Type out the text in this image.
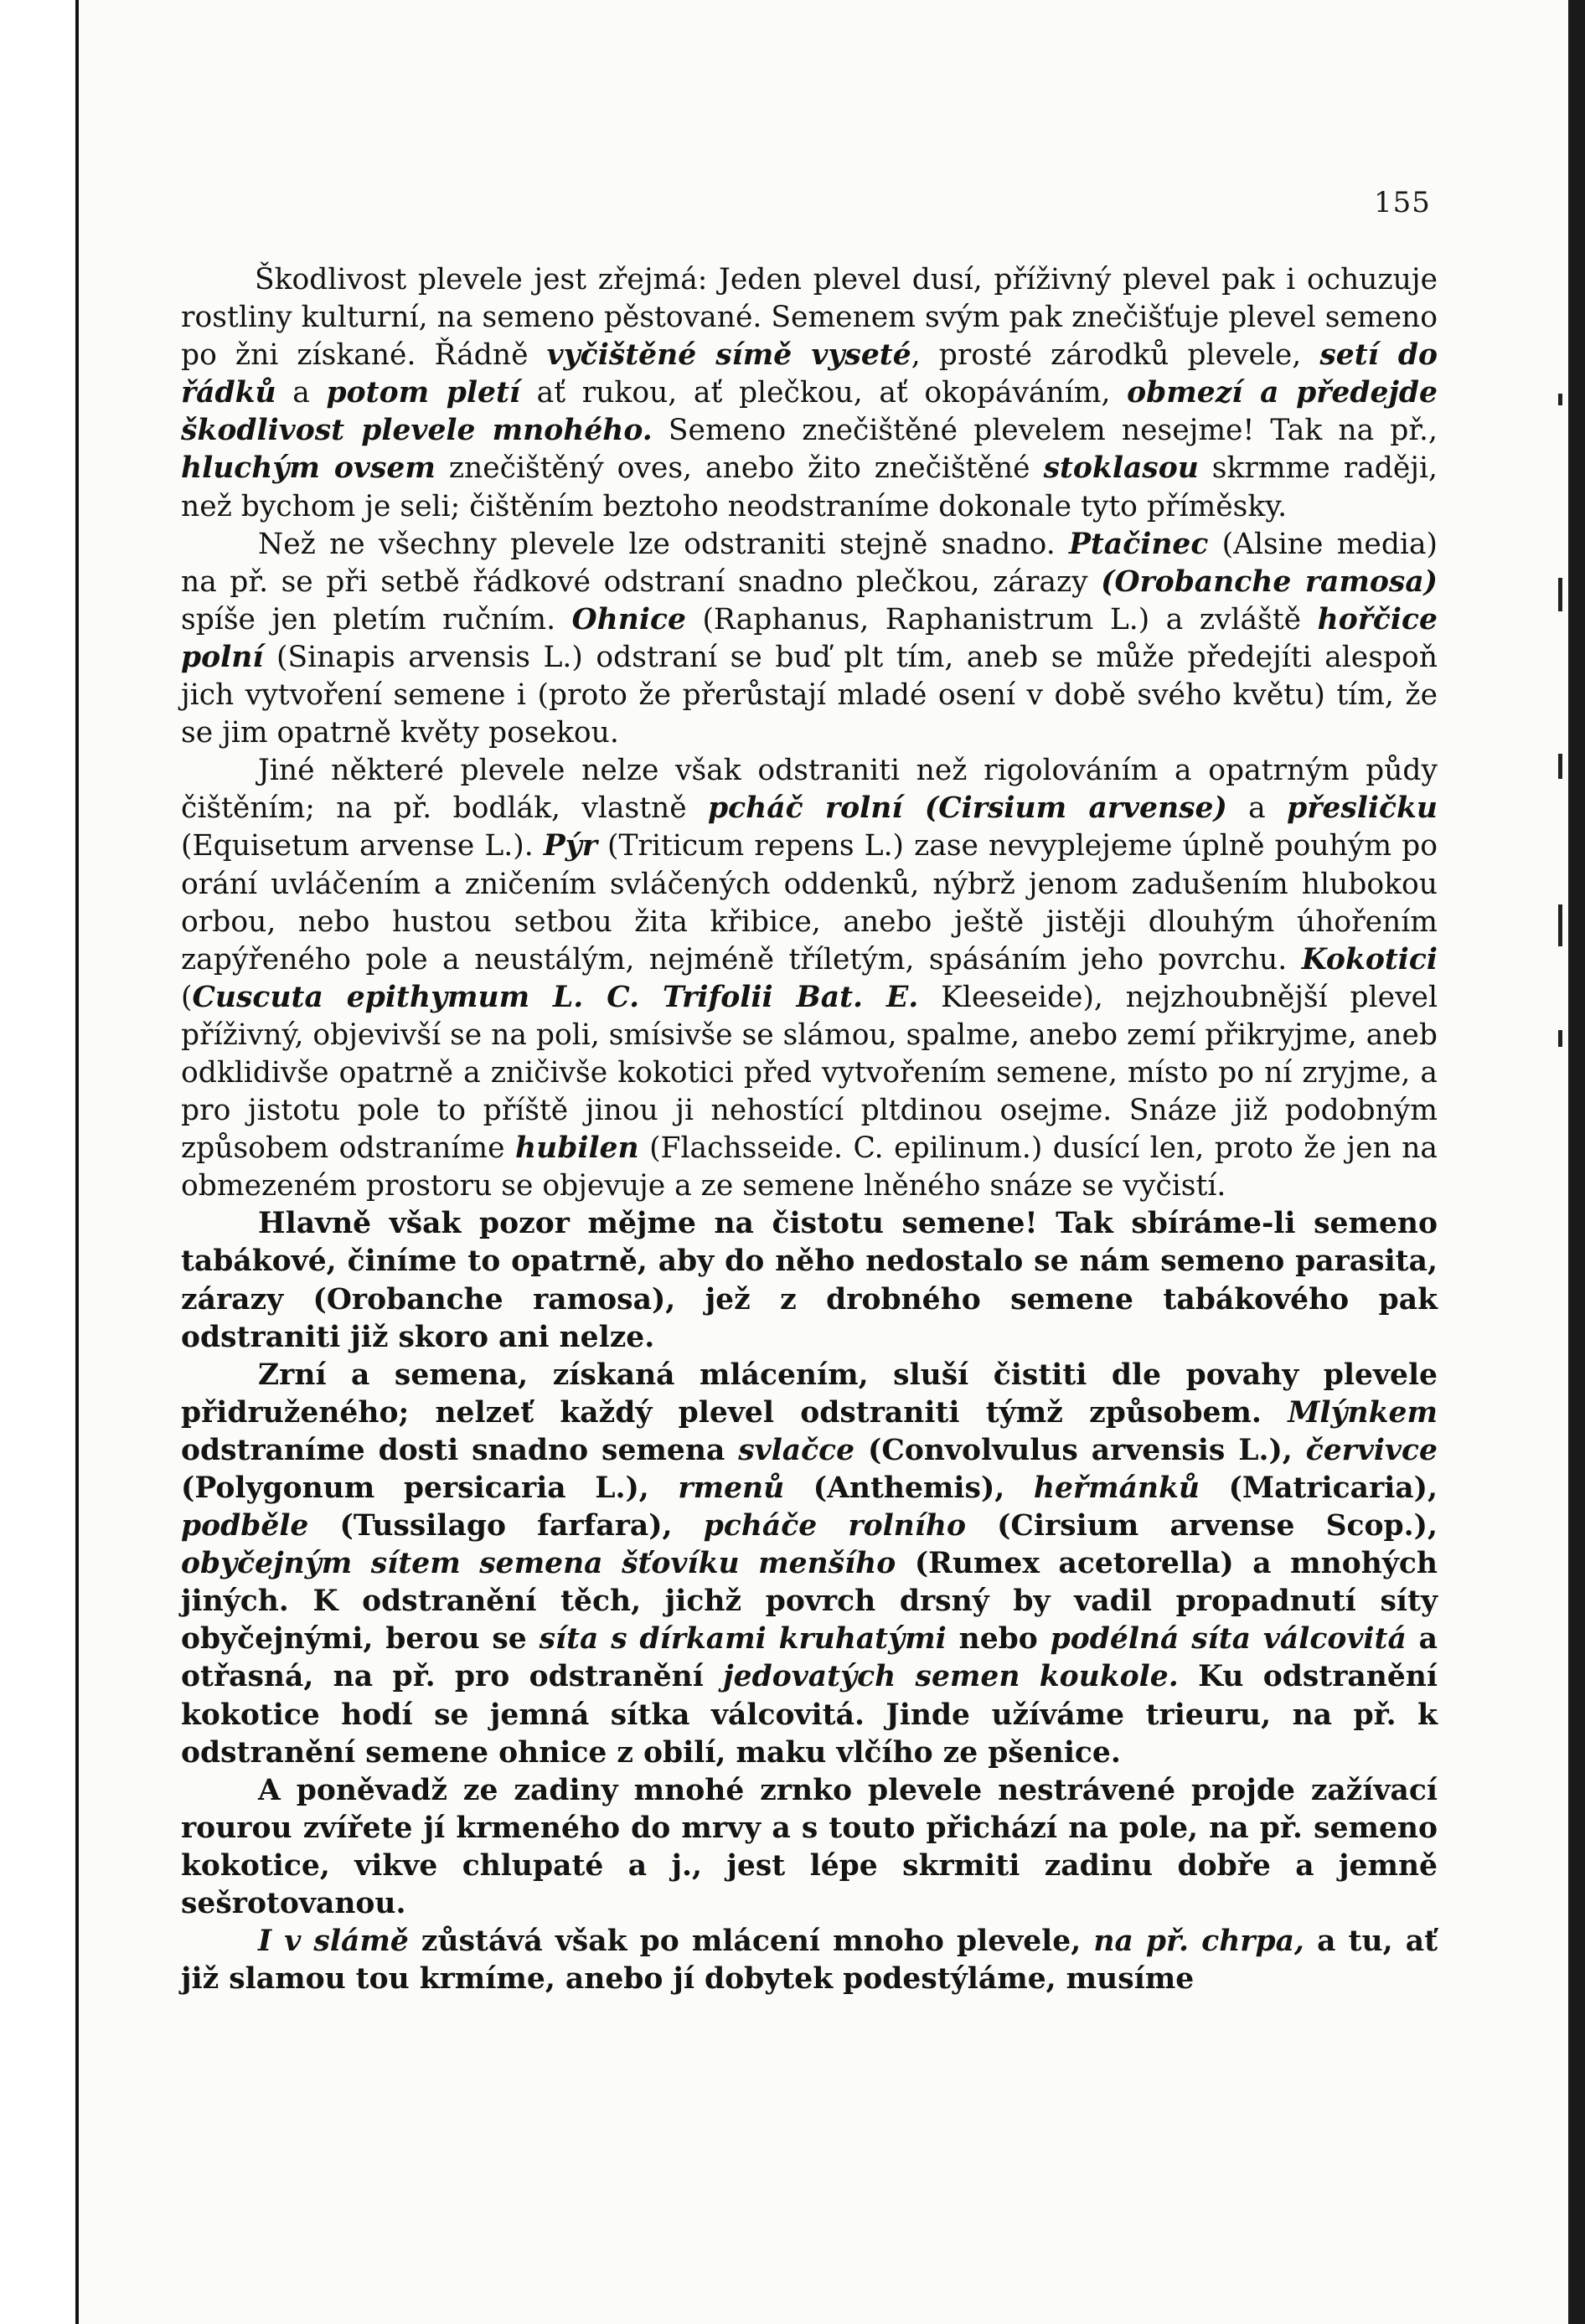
155

Škodlivost plevele jest zřejmá: Jeden plevel dusí, příživný plevel pak i ochuzuje rostliny kulturní, na semeno pěstované. Semenem svým pak znečišťuje plevel semeno po žni získané. Řádně vyčištěné símě vyseté, prosté zárodků plevele, setí do řádků a potom pletí ať rukou, ať plečkou, ať okopáváním, obmezí a předejde škodlivost plevele mnohého. Semeno znečištěné plevelem nesejme! Tak na př., hluchým ovsem znečištěný oves, anebo žito znečištěné stoklasou skrmme raději, než bychom je seli; čištěním beztoho neodstraníme dokonale tyto příměsky.

Než ne všechny plevele lze odstraniti stejně snadno. Ptačinec (Alsine media) na př. se při setbě řádkové odstraní snadno plečkou, zárazy (Orobanche ramosa) spíše jen pletím ručním. Ohnice (Raphanus, Raphanistrum L.) a zvláště hořčice polní (Sinapis arvensis L.) odstraní se buď plt tím, aneb se může předejíti alespoň jich vytvoření semene i (proto že přerůstají mladé osení v době svého květu) tím, že se jim opatrně květy posekou.

Jiné některé plevele nelze však odstraniti než rigolováním a opatrným půdy čištěním; na př. bodlák, vlastně pcháč rolní (Cirsium arvense) a přesličku (Equisetum arvense L.). Pýr (Triticum repens L.) zase nevyplejeme úplně pouhým po orání uvláčením a zničením svláčených oddenků, nýbrž jenom zadušením hlubokou orbou, nebo hustou setbou žita křibice, anebo ještě jistěji dlouhým úhořením zapýřeného pole a neustálým, nejméně tříletým, spásáním jeho povrchu. Kokotici (Cuscuta epithymum L. C. Trifolii Bat. E. Kleeseide), nejzhoubnější plevel příživný, objevivší se na poli, smísivše se slámou, spalme, anebo zemí přikryjme, aneb odklidivše opatrně a zničivše kokotici před vytvořením semene, místo po ní zryjme, a pro jistotu pole to příště jinou ji nehostící pltdinou osejme. Snáze již podobným způsobem odstraníme hubilen (Flachsseide. C. epilinum.) dusící len, proto že jen na obmezeném prostoru se objevuje a ze semene lněného snáze se vyčistí.

Hlavně však pozor mějme na čistotu semene! Tak sbíráme-li semeno tabákové, činíme to opatrně, aby do něho nedostalo se nám semeno parasita, zárazy (Orobanche ramosa), jež z drobného semene tabákového pak odstraniti již skoro ani nelze.

Zrní a semena, získaná mlácením, sluší čistiti dle povahy plevele přidruženého; nelzeť každý plevel odstraniti týmž způsobem. Mlýnkem odstraníme dosti snadno semena svlačce (Convolvulus arvensis L.), červivce (Polygonum persicaria L.), rmenů (Anthemis), heřmánků (Matricaria), podběle (Tussilago farfara), pcháče rolního (Cirsium arvense Scop.), obyčejným sítem semena šťovíku menšího (Rumex acetorella) a mnohých jiných. K odstranění těch, jichž povrch drsný by vadil propadnutí síty obyčejnými, berou se síta s dírkami kruhatými nebo podélná síta válcovitá a otřasná, na př. pro odstranění jedovatých semen koukole. Ku odstranění kokotice hodí se jemná sítka válcovitá. Jinde užíváme trieuru, na př. k odstranění semene ohnice z obilí, maku vlčího ze pšenice.

A poněvadž ze zadiny mnohé zrnko plevele nestrávené projde zažívací rourou zvířete jí krmeného do mrvy a s touto přichází na pole, na př. semeno kokotice, vikve chlupaté a j., jest lépe skrmiti zadinu dobře a jemně sešrotovanou.

I v slámě zůstává však po mlácení mnoho plevele, na př. chrpa, a tu, ať již slamou tou krmíme, anebo jí dobytek podestýláme, musíme
